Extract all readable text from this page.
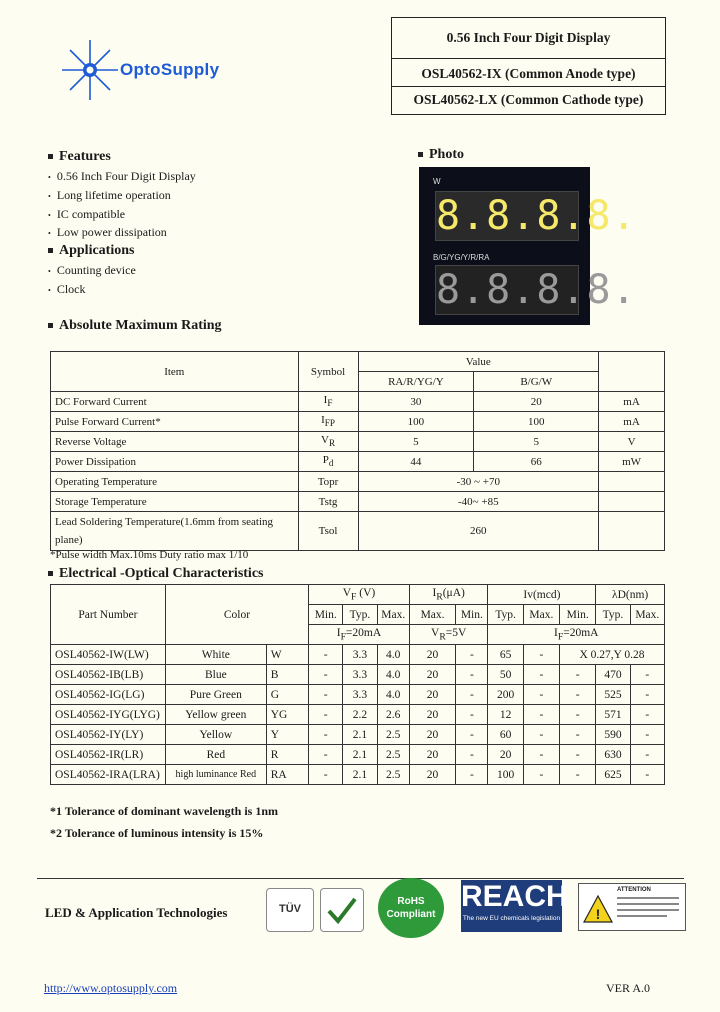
OptoSupply
0.56 Inch Four Digit Display
OSL40562-IX (Common Anode type)
OSL40562-LX (Common Cathode type)
Features
• 0.56 Inch Four Digit Display
• Long lifetime operation
• IC compatible
• Low power dissipation
Applications
• Counting device
• Clock
Photo
W
8.8.8.8.
B/G/YG/Y/R/RA
8.8.8.8.
Absolute Maximum Rating
Item	Symbol	Value		
		RA/R/YG/Y	B/G/W	
DC Forward Current	$I_F$	30	20	mA
Pulse Forward Current*	$I_{FP}$	100	100	mA
Reverse Voltage	$V_R$	5	5	V
Power Dissipation	$P_d$	44	66	mW
Operating Temperature	Topr	-30 ~ +70		
Storage Temperature	Tstg	-40~ +85		
Lead Soldering Temperature(1.6mm from seating plane)	Tsol	260		
*Pulse width Max.10ms Duty ratio max 1/10
Electrical -Optical Characteristics
Part Number	Color		$V_F$ (V)			$I_R(\mu A)$		Iv(mcd)			λD(nm)	
			Min.	Typ.	Max.	Max.	Min.	Typ.	Max.	Min.	Typ.	Max.
			$I_F=20mA$			$V_R=5V$		$I_F=20mA$				
OSL40562-IW(LW)	White	W	-	3.3	4.0	20	-	65	-	X 0.27,Y 0.28		
OSL40562-IB(LB)	Blue	B	-	3.3	4.0	20	-	50	-	-	470	-
OSL40562-IG(LG)	Pure Green	G	-	3.3	4.0	20	-	200	-	-	525	-
OSL40562-IYG(LYG)	Yellow green	YG	-	2.2	2.6	20	-	12	-	-	571	-
OSL40562-IY(LY)	Yellow	Y	-	2.1	2.5	20	-	60	-	-	590	-
OSL40562-IR(LR)	Red	R	-	2.1	2.5	20	-	20	-	-	630	-
OSL40562-IRA(LRA)	high luminance Red	RA	-	2.1	2.5	20	-	100	-	-	625	-
*1 Tolerance of dominant wavelength is 1nm
*2 Tolerance of luminous intensity is 15%
LED & Application Technologies	TÜV
RoHS Compliant
REACH
The new EU chemicals legislation	!
ATTENTION
http://www.optosupply.com	VER A.0
